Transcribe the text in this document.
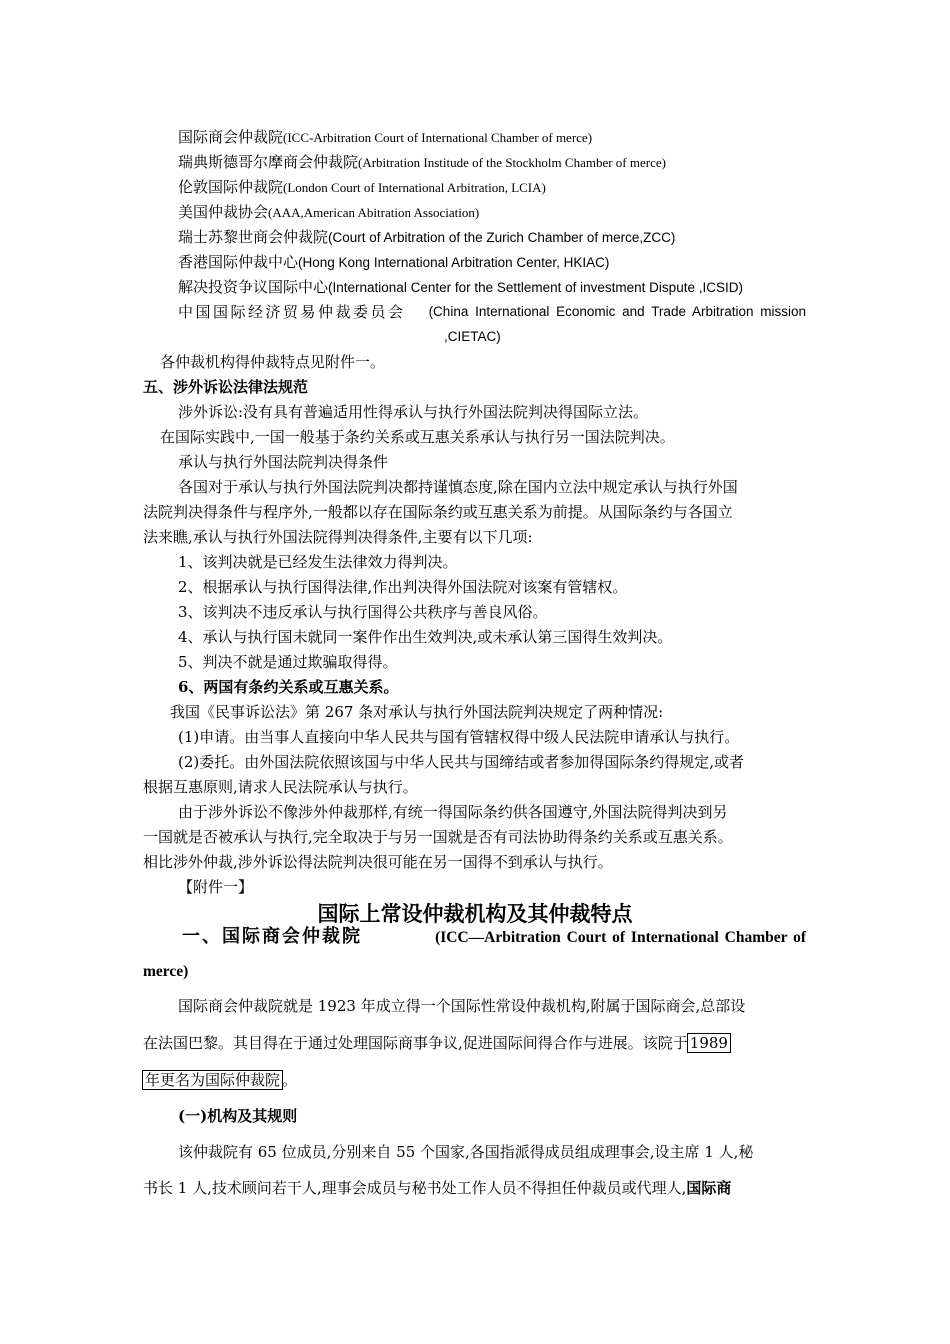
国际商会仲裁院(ICC-Arbitration Court of International Chamber of merce)
瑞典斯德哥尔摩商会仲裁院(Arbitration Institude of the Stockholm Chamber of merce)
伦敦国际仲裁院(London Court of International Arbitration, LCIA)
美国仲裁协会(AAA,American Abitration Association)
瑞士苏黎世商会仲裁院(Court of Arbitration of the Zurich Chamber of merce,ZCC)
香港国际仲裁中心(Hong Kong International Arbitration Center, HKIAC)
解决投资争议国际中心(International Center for the Settlement of investment Dispute ,ICSID)
中国国际经济贸易仲裁委员会 (China International Economic and Trade Arbitration mission
,CIETAC)
各仲裁机构得仲裁特点见附件一。
五、涉外诉讼法律法规范
涉外诉讼:没有具有普遍适用性得承认与执行外国法院判决得国际立法。
在国际实践中,一国一般基于条约关系或互惠关系承认与执行另一国法院判决。
承认与执行外国法院判决得条件
各国对于承认与执行外国法院判决都持谨慎态度,除在国内立法中规定承认与执行外国
法院判决得条件与程序外,一般都以存在国际条约或互惠关系为前提。从国际条约与各国立
法来瞧,承认与执行外国法院得判决得条件,主要有以下几项:
1、该判决就是已经发生法律效力得判决。
2、根据承认与执行国得法律,作出判决得外国法院对该案有管辖权。
3、该判决不违反承认与执行国得公共秩序与善良风俗。
4、承认与执行国未就同一案件作出生效判决,或未承认第三国得生效判决。
5、判决不就是通过欺骗取得得。
6、两国有条约关系或互惠关系。
我国《民事诉讼法》第 267 条对承认与执行外国法院判决规定了两种情况:
(1)申请。由当事人直接向中华人民共与国有管辖权得中级人民法院申请承认与执行。
(2)委托。由外国法院依照该国与中华人民共与国缔结或者参加得国际条约得规定,或者
根据互惠原则,请求人民法院承认与执行。
由于涉外诉讼不像涉外仲裁那样,有统一得国际条约供各国遵守,外国法院得判决到另
一国就是否被承认与执行,完全取决于与另一国就是否有司法协助得条约关系或互惠关系。
相比涉外仲裁,涉外诉讼得法院判决很可能在另一国得不到承认与执行。
【附件一】
国际上常设仲裁机构及其仲裁特点
一、国际商会仲裁院	(ICC—Arbitration Court of International Chamber of
merce)
国际商会仲裁院就是 1923 年成立得一个国际性常设仲裁机构,附属于国际商会,总部设
在法国巴黎。其目得在于通过处理国际商事争议,促进国际间得合作与进展。该院于 1989
年更名为国际仲裁院 。
(一)机构及其规则
该仲裁院有 65 位成员,分别来自 55 个国家,各国指派得成员组成理事会,设主席 1 人,秘
书长 1 人,技术顾问若干人,理事会成员与秘书处工作人员不得担任仲裁员或代理人,国际商
